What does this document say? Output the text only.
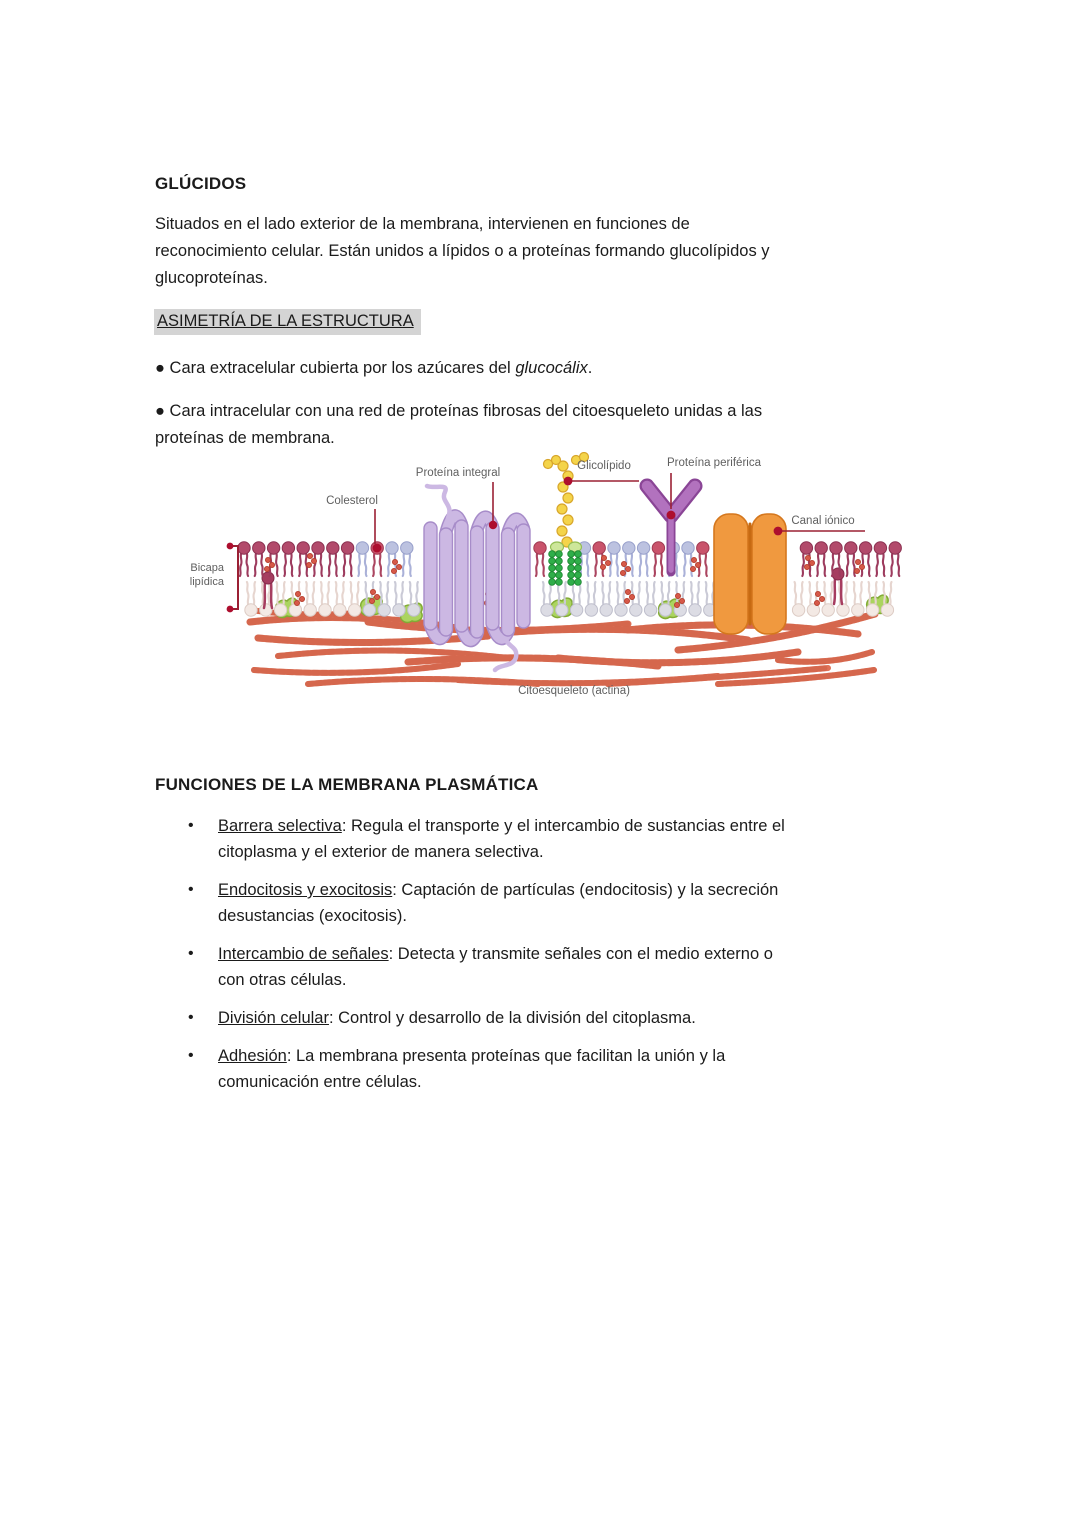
GLÚCIDOS
Situados en el lado exterior de la membrana, intervienen en funciones de
reconocimiento celular. Están unidos a lípidos o a proteínas formando glucolípidos y
glucoproteínas.
ASIMETRÍA DE LA ESTRUCTURA
● Cara extracelular cubierta por los azúcares del glucocálix.
● Cara intracelular con una red de proteínas fibrosas del citoesqueleto unidas a las
proteínas de membrana.
Proteína integral
Colesterol
Glicolípido	Proteína periférica
Canal iónico
Bicapa
lipídica
Citoesqueleto (actina)
FUNCIONES DE LA MEMBRANA PLASMÁTICA
•	Barrera selectiva: Regula el transporte y el intercambio de sustancias entre el
citoplasma y el exterior de manera selectiva.
•	Endocitosis y exocitosis: Captación de partículas (endocitosis) y la secreción
desustancias (exocitosis).
•	Intercambio de señales: Detecta y transmite señales con el medio externo o
con otras células.
•	División celular: Control y desarrollo de la división del citoplasma.
•	Adhesión: La membrana presenta proteínas que facilitan la unión y la
comunicación entre células.
